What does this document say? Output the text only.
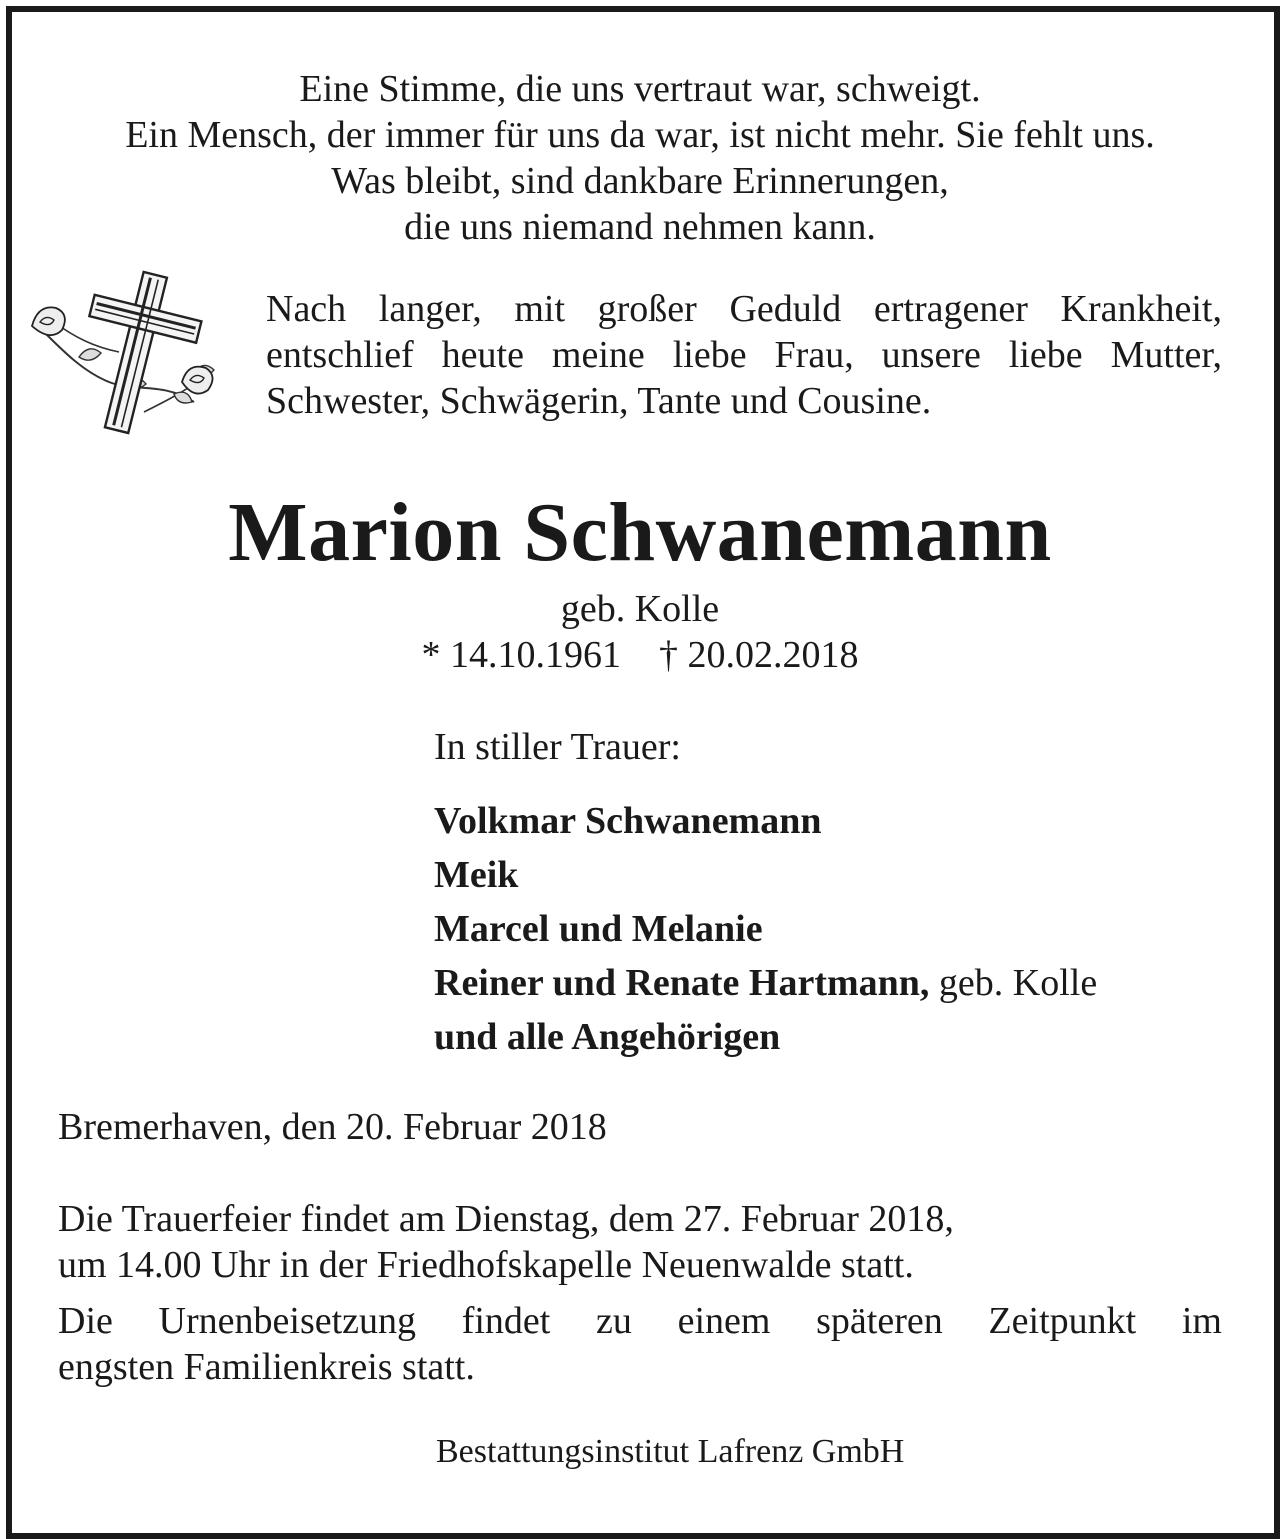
Eine Stimme, die uns vertraut war, schweigt.
Ein Mensch, der immer für uns da war, ist nicht mehr. Sie fehlt uns.
Was bleibt, sind dankbare Erinnerungen,
die uns niemand nehmen kann.
Nach langer, mit großer Geduld ertragener Krankheit,
entschlief heute meine liebe Frau, unsere liebe Mutter,
Schwester, Schwägerin, Tante und Cousine.
Marion Schwanemann
geb. Kolle
* 14.10.1961 † 20.02.2018
In stiller Trauer:
Volkmar Schwanemann
Meik
Marcel und Melanie
Reiner und Renate Hartmann, geb. Kolle
und alle Angehörigen
Bremerhaven, den 20. Februar 2018
Die Trauerfeier findet am Dienstag, dem 27. Februar 2018,
um 14.00 Uhr in der Friedhofskapelle Neuenwalde statt.
Die Urnenbeisetzung findet zu einem späteren Zeitpunkt im
engsten Familienkreis statt.
Bestattungsinstitut Lafrenz GmbH
